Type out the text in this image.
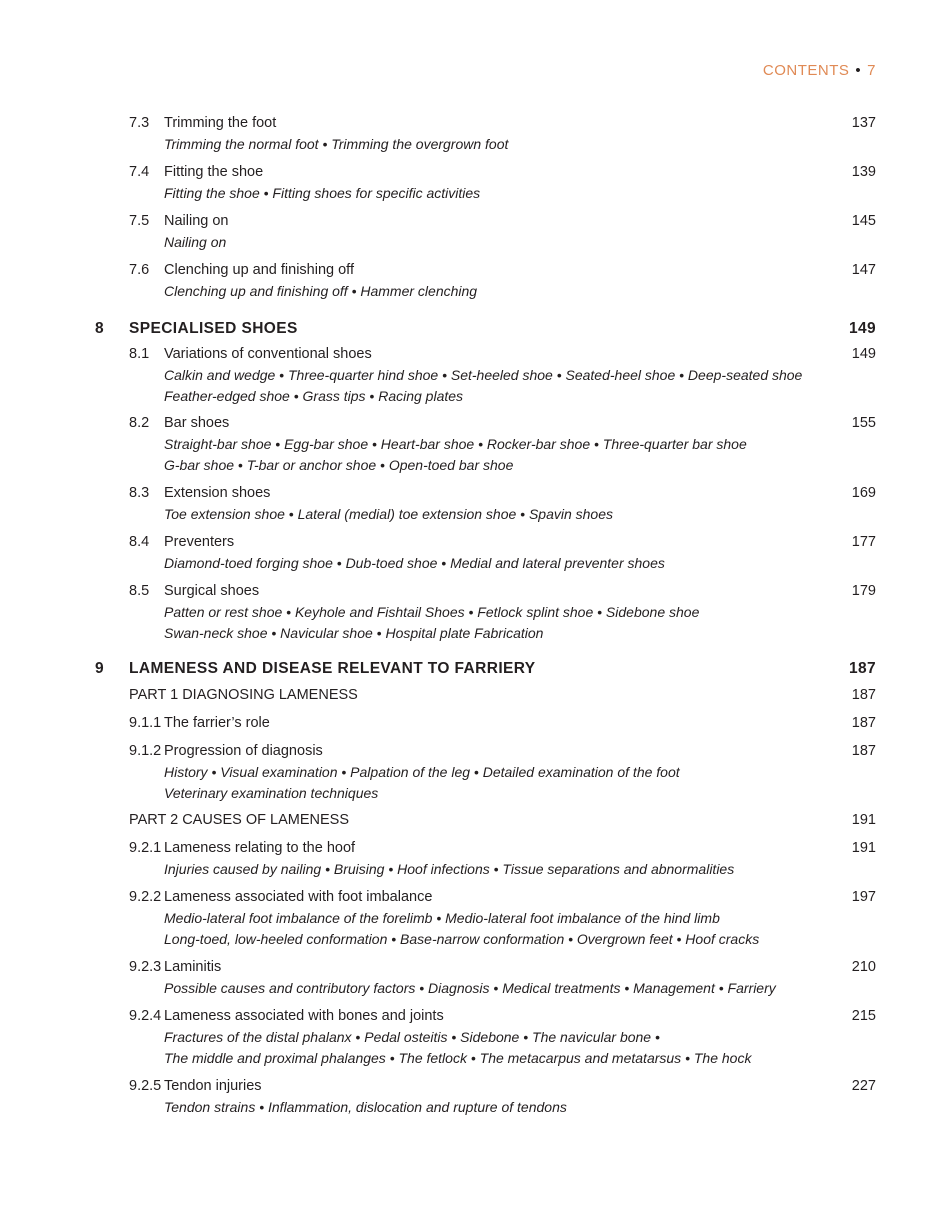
CONTENTS • 7
7.3 Trimming the foot	137
Trimming the normal foot • Trimming the overgrown foot
7.4 Fitting the shoe	139
Fitting the shoe • Fitting shoes for specific activities
7.5 Nailing on	145
Nailing on
7.6 Clenching up and finishing off	147
Clenching up and finishing off • Hammer clenching
8 SPECIALISED SHOES	149
8.1 Variations of conventional shoes	149
Calkin and wedge • Three-quarter hind shoe • Set-heeled shoe • Seated-heel shoe • Deep-seated shoe
Feather-edged shoe • Grass tips • Racing plates
8.2 Bar shoes	155
Straight-bar shoe • Egg-bar shoe • Heart-bar shoe • Rocker-bar shoe • Three-quarter bar shoe
G-bar shoe • T-bar or anchor shoe • Open-toed bar shoe
8.3 Extension shoes	169
Toe extension shoe • Lateral (medial) toe extension shoe • Spavin shoes
8.4 Preventers	177
Diamond-toed forging shoe • Dub-toed shoe • Medial and lateral preventer shoes
8.5 Surgical shoes	179
Patten or rest shoe • Keyhole and Fishtail Shoes • Fetlock splint shoe • Sidebone shoe
Swan-neck shoe • Navicular shoe • Hospital plate Fabrication
9 LAMENESS AND DISEASE RELEVANT TO FARRIERY	187
PART 1 DIAGNOSING LAMENESS	187
9.1.1 The farrier’s role	187
9.1.2 Progression of diagnosis	187
History • Visual examination • Palpation of the leg • Detailed examination of the foot
Veterinary examination techniques
PART 2 CAUSES OF LAMENESS	191
9.2.1 Lameness relating to the hoof	191
Injuries caused by nailing • Bruising • Hoof infections • Tissue separations and abnormalities
9.2.2 Lameness associated with foot imbalance	197
Medio-lateral foot imbalance of the forelimb • Medio-lateral foot imbalance of the hind limb
Long-toed, low-heeled conformation • Base-narrow conformation • Overgrown feet • Hoof cracks
9.2.3 Laminitis	210
Possible causes and contributory factors • Diagnosis • Medical treatments • Management • Farriery
9.2.4 Lameness associated with bones and joints	215
Fractures of the distal phalanx • Pedal osteitis • Sidebone • The navicular bone •
The middle and proximal phalanges • The fetlock • The metacarpus and metatarsus • The hock
9.2.5 Tendon injuries	227
Tendon strains • Inflammation, dislocation and rupture of tendons
